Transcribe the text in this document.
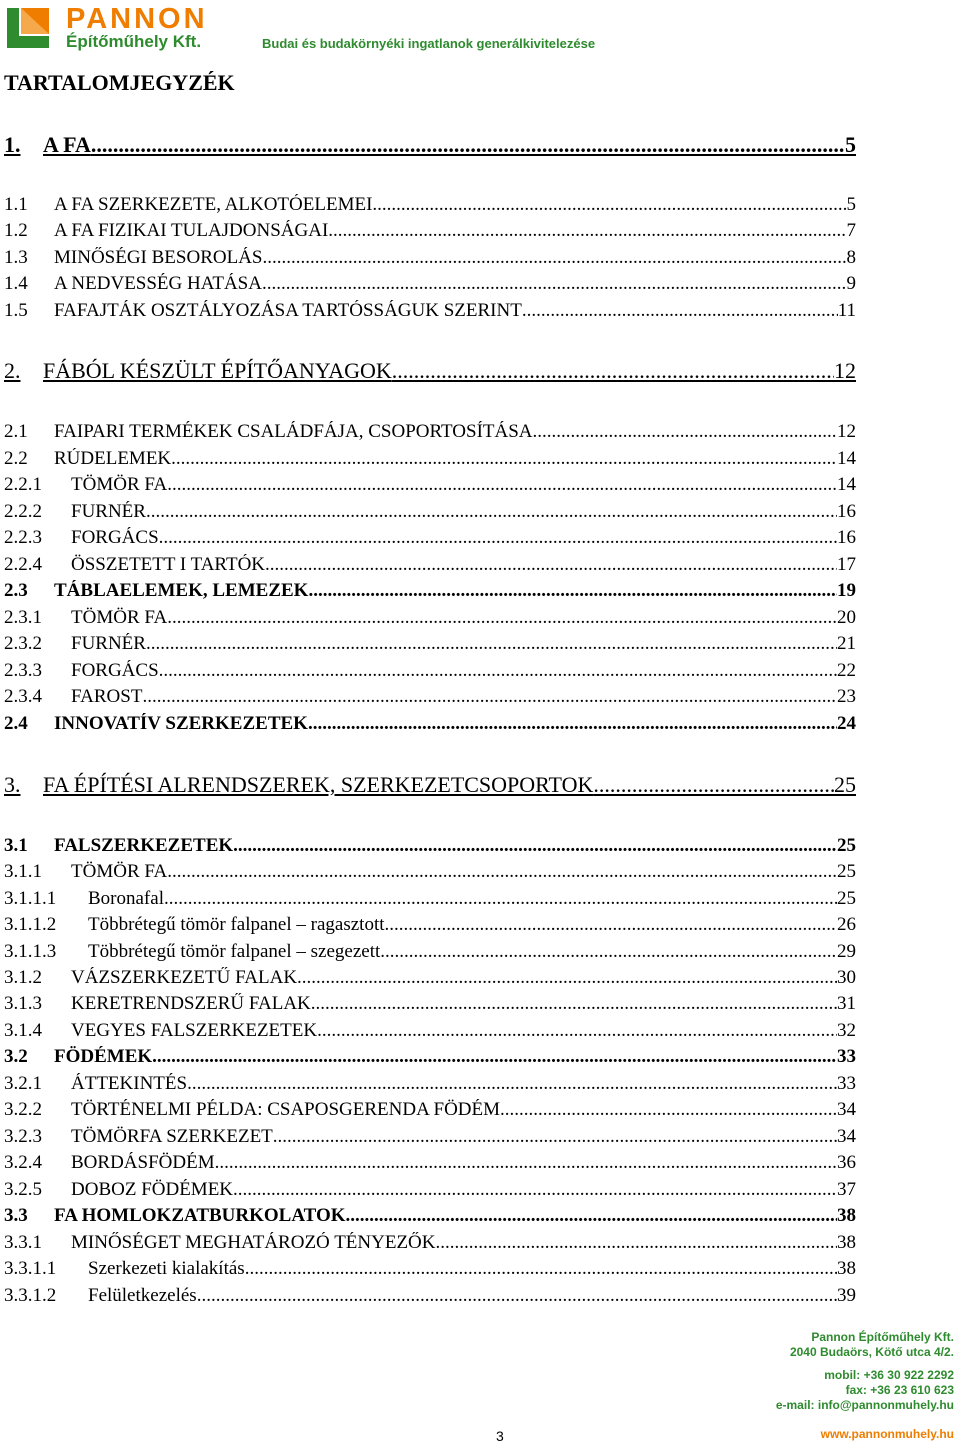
PANNON
Építőműhely Kft.	Budai és budakörnyéki ingatlanok generálkivitelezése
TARTALOMJEGYZÉK
1.	A FA .....	5
1.1	A FA SZERKEZETE, ALKOTÓELEMEI .....	5
1.2	A FA FIZIKAI TULAJDONSÁGAI .....	7
1.3	MINŐSÉGI BESOROLÁS .....	8
1.4	A NEDVESSÉG HATÁSA .....	9
1.5	FAFAJTÁK OSZTÁLYOZÁSA TARTÓSSÁGUK SZERINT .....	11
2.	FÁBÓL KÉSZÜLT ÉPÍTŐANYAGOK .....	12
2.1	FAIPARI TERMÉKEK CSALÁDFÁJA, CSOPORTOSÍTÁSA .....	12
2.2	RÚDELEMEK .....	14
2.2.1	TÖMÖR FA .....	14
2.2.2	FURNÉR .....	16
2.2.3	FORGÁCS .....	16
2.2.4	ÖSSZETETT I TARTÓK .....	17
2.3	TÁBLAELEMEK, LEMEZEK .....	19
2.3.1	TÖMÖR FA .....	20
2.3.2	FURNÉR .....	21
2.3.3	FORGÁCS .....	22
2.3.4	FAROST .....	23
2.4	INNOVATÍV SZERKEZETEK .....	24
3.	FA ÉPÍTÉSI ALRENDSZEREK, SZERKEZETCSOPORTOK .....	25
3.1	FALSZERKEZETEK .....	25
3.1.1	TÖMÖR FA .....	25
3.1.1.1	Boronafal .....	25
3.1.1.2	Többrétegű tömör falpanel – ragasztott .....	26
3.1.1.3	Többrétegű tömör falpanel – szegezett .....	29
3.1.2	VÁZSZERKEZETŰ FALAK .....	30
3.1.3	KERETRENDSZERŰ FALAK .....	31
3.1.4	VEGYES FALSZERKEZETEK .....	32
3.2	FÖDÉMEK .....	33
3.2.1	ÁTTEKINTÉS .....	33
3.2.2	TÖRTÉNELMI PÉLDA: CSAPOSGERENDA FÖDÉM .....	34
3.2.3	TÖMÖRFA SZERKEZET .....	34
3.2.4	BORDÁSFÖDÉM .....	36
3.2.5	DOBOZ FÖDÉMEK .....	37
3.3	FA HOMLOKZATBURKOLATOK .....	38
3.3.1	MINŐSÉGET MEGHATÁROZÓ TÉNYEZŐK .....	38
3.3.1.1	Szerkezeti kialakítás .....	38
3.3.1.2	Felületkezelés .....	39
Pannon Építőműhely Kft.
2040 Budaörs, Kötő utca 4/2.
mobil: +36 30 922 2292
fax: +36 23 610 623
e-mail: info@pannonmuhely.hu
www.pannonmuhely.hu
3
